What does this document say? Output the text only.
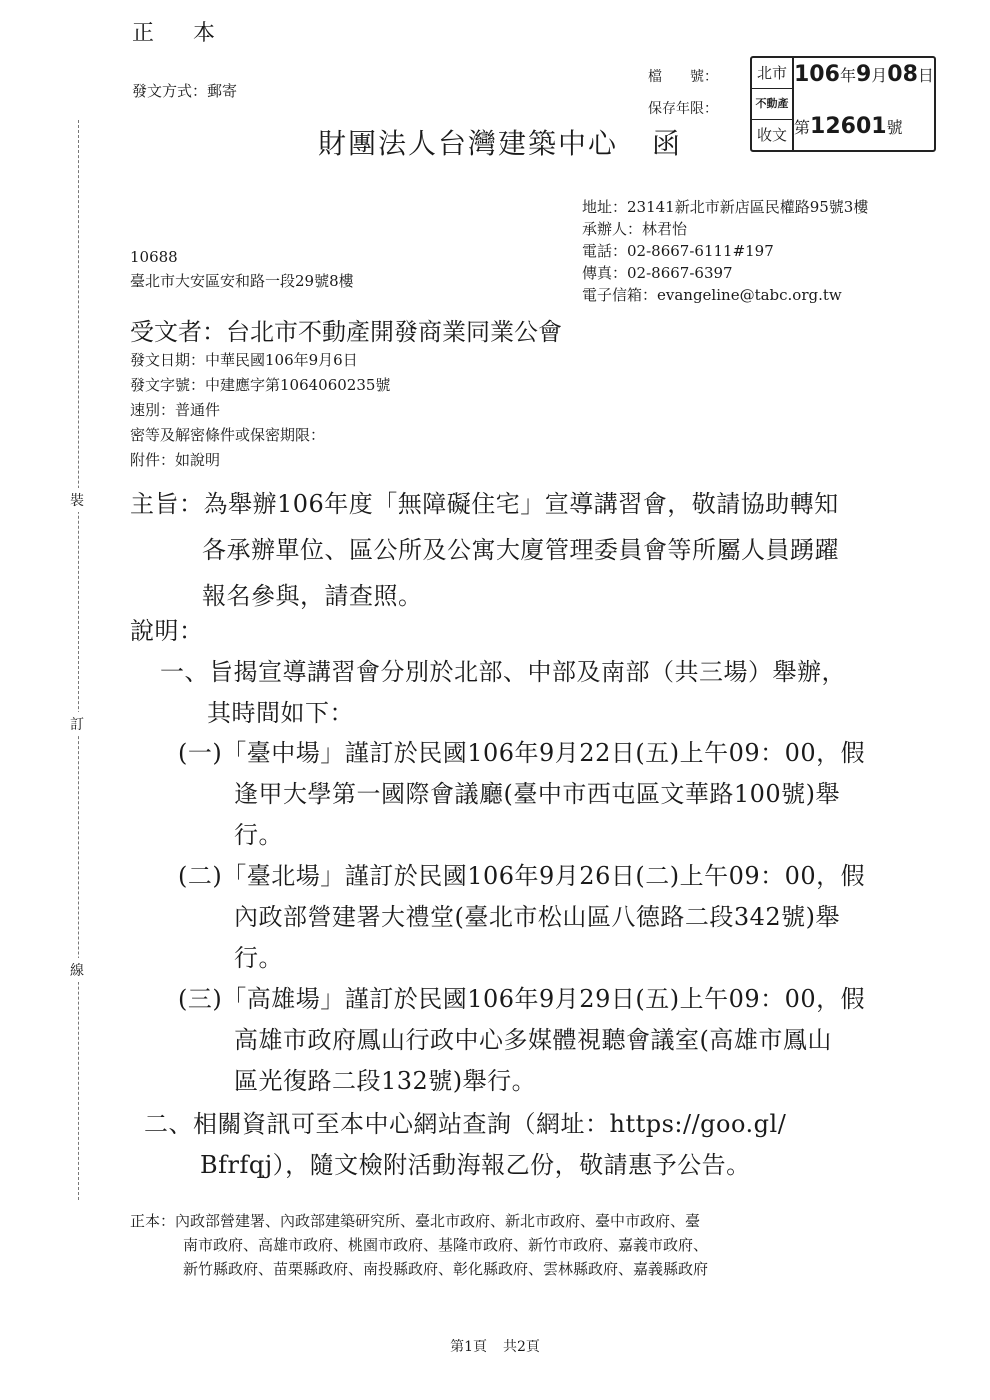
裝
訂
線
正 本
發文方式：郵寄
檔　　號：
保存年限：
北市
不動產
收文
106年9月08日
第12601號
財團法人台灣建築中心 函
地址：23141新北市新店區民權路95號3樓
承辦人：林君怡
電話：02-8667-6111#197
傳真：02-8667-6397
電子信箱：evangeline@tabc.org.tw
10688
臺北市大安區安和路一段29號8樓
受文者：台北市不動產開發商業同業公會
發文日期：中華民國106年9月6日
發文字號：中建應字第1064060235號
速別：普通件
密等及解密條件或保密期限：
附件：如說明
主旨：為舉辦106年度「無障礙住宅」宣導講習會，敬請協助轉知
各承辦單位、區公所及公寓大廈管理委員會等所屬人員踴躍
報名參與，請查照。
說明：
一、旨揭宣導講習會分別於北部、中部及南部（共三場）舉辦，
其時間如下：
(一)「臺中場」謹訂於民國106年9月22日(五)上午09：00，假
逢甲大學第一國際會議廳(臺中市西屯區文華路100號)舉
行。
(二)「臺北場」謹訂於民國106年9月26日(二)上午09：00，假
內政部營建署大禮堂(臺北市松山區八德路二段342號)舉
行。
(三)「高雄場」謹訂於民國106年9月29日(五)上午09：00，假
高雄市政府鳳山行政中心多媒體視聽會議室(高雄市鳳山
區光復路二段132號)舉行。
二、相關資訊可至本中心網站查詢（網址：https://goo.gl/
Bfrfqj），隨文檢附活動海報乙份，敬請惠予公告。
正本：內政部營建署、內政部建築研究所、臺北市政府、新北市政府、臺中市政府、臺
南市政府、高雄市政府、桃園市政府、基隆市政府、新竹市政府、嘉義市政府、
新竹縣政府、苗栗縣政府、南投縣政府、彰化縣政府、雲林縣政府、嘉義縣政府
第1頁 共2頁
